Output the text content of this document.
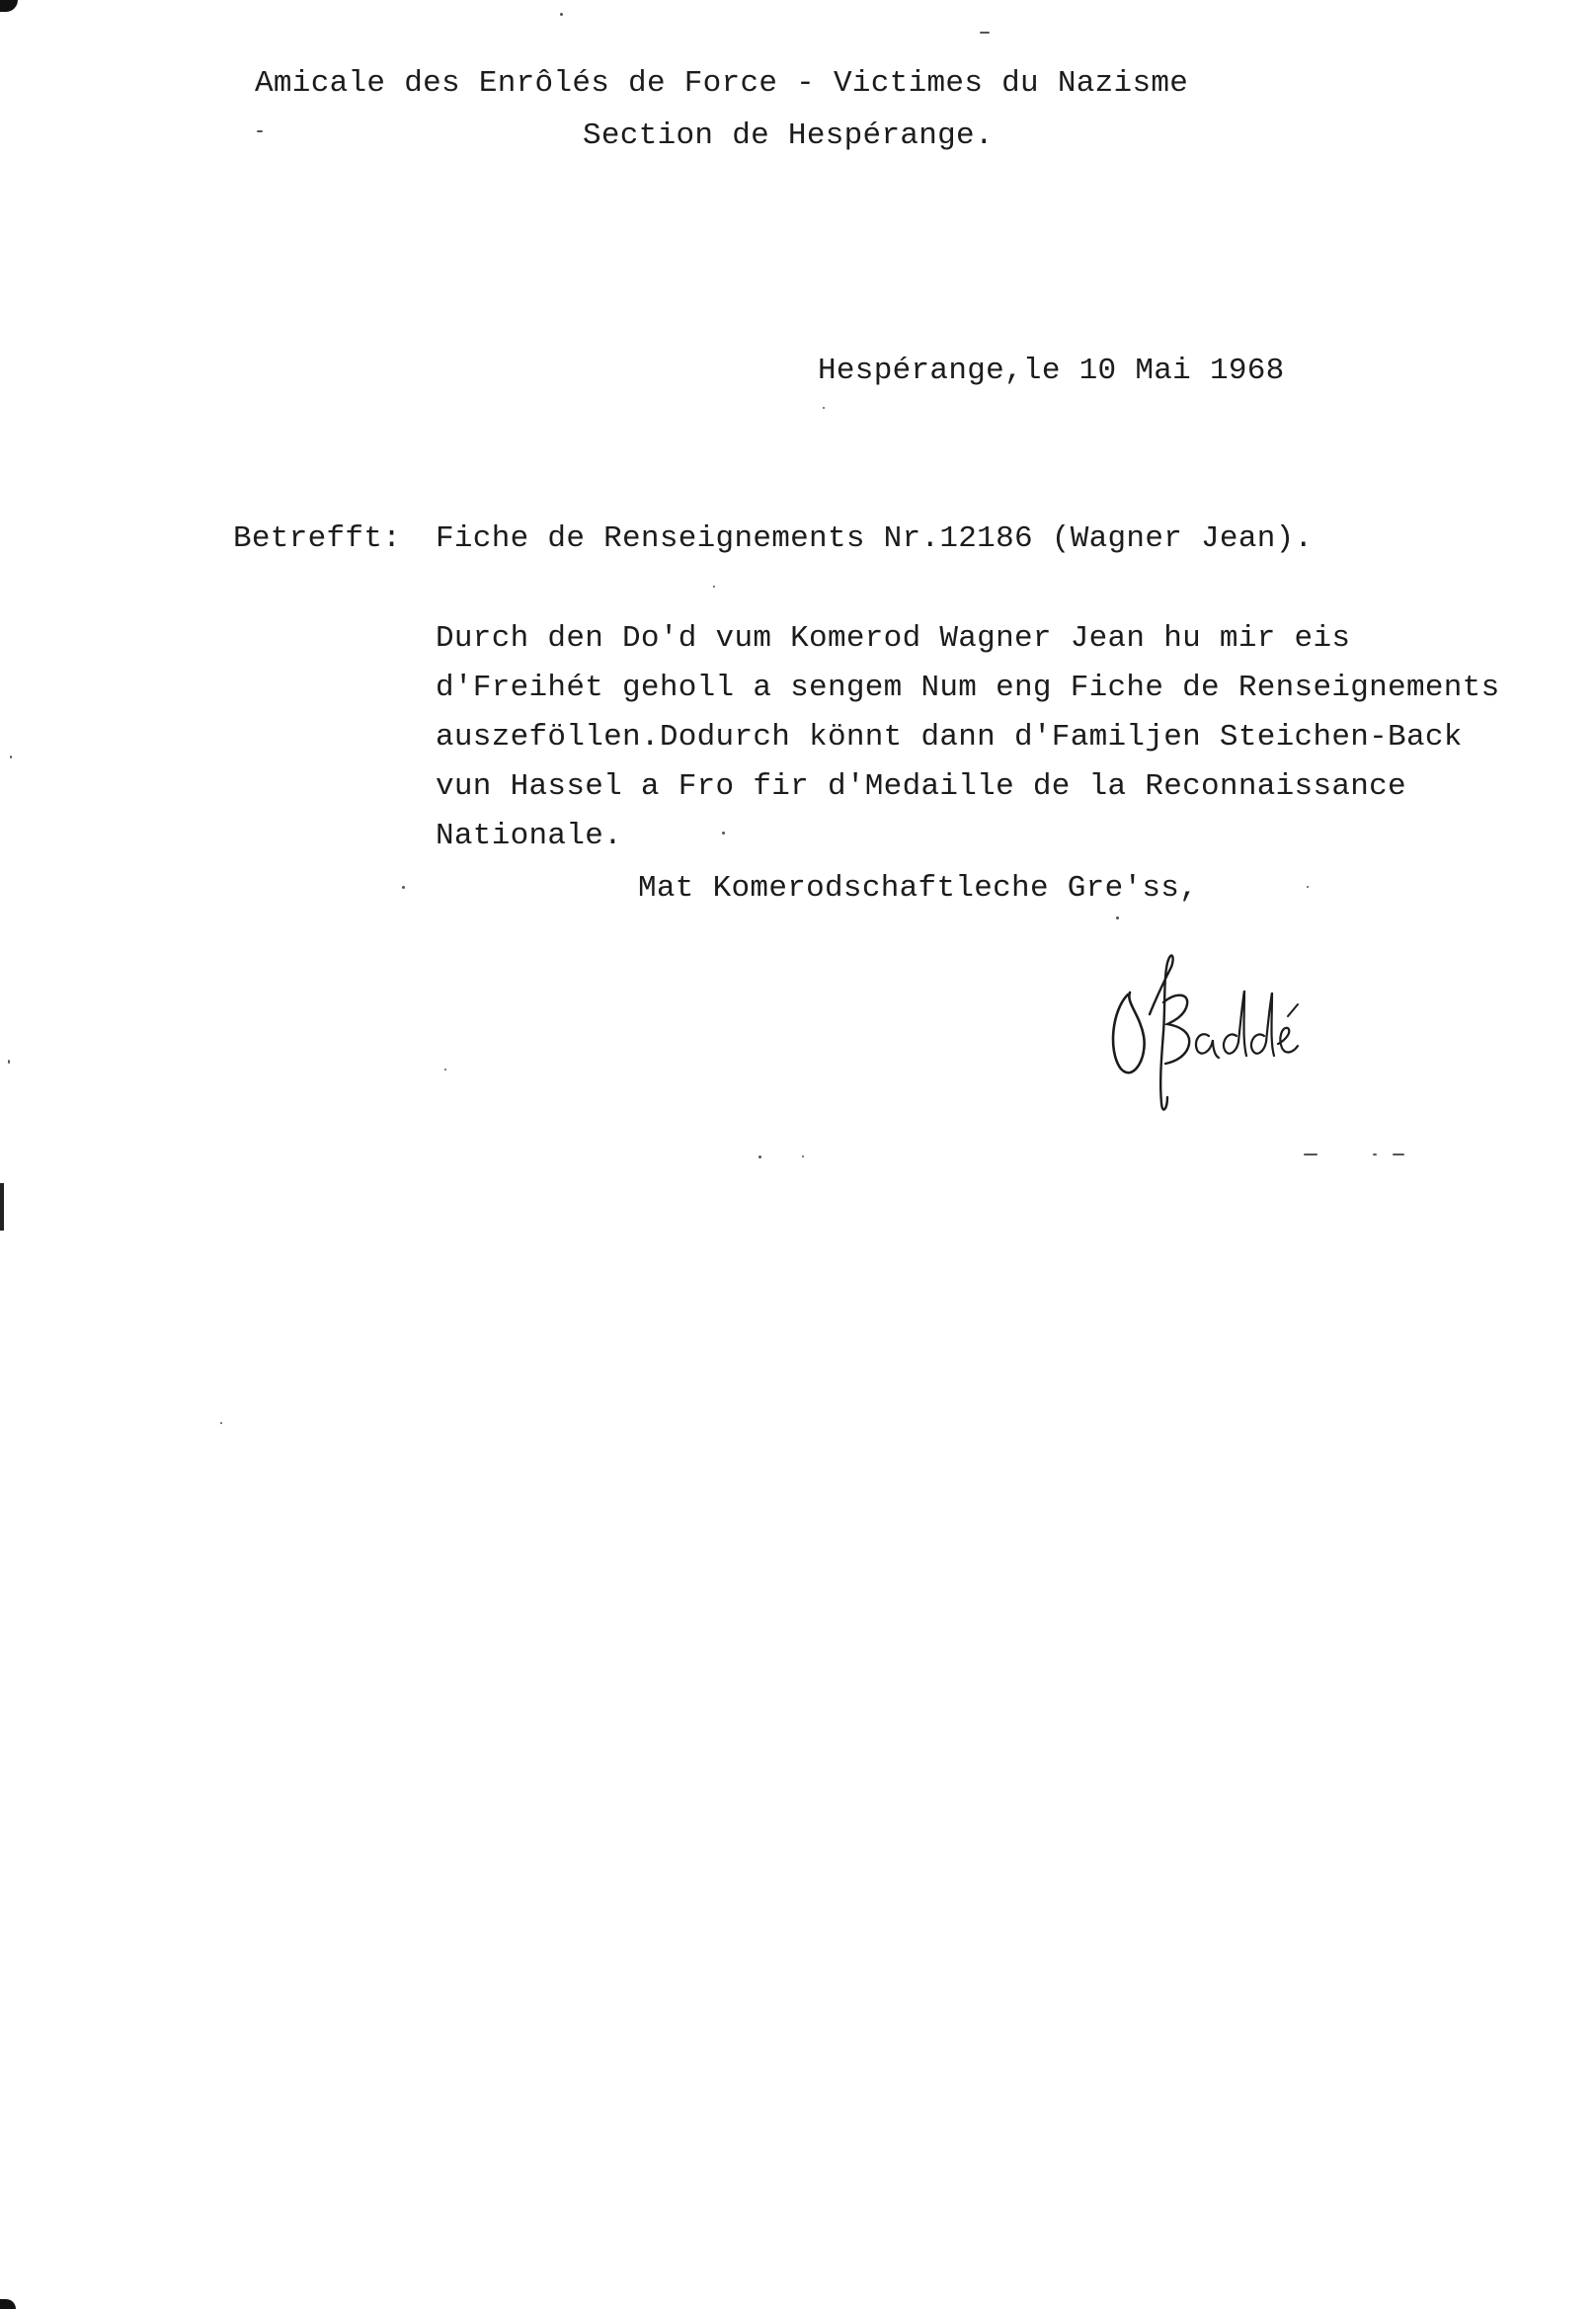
Amicale des Enrôlés de Force - Victimes du Nazisme
Section de Hespérange.
Hespérange,le 10 Mai 1968
Betrefft: Fiche de Renseignements Nr.12186 (Wagner Jean).
Durch den Do'd vum Komerod Wagner Jean hu mir eis
d'Freihét geholl a sengem Num eng Fiche de Renseignements
auszeföllen.Dodurch könnt dann d'Familjen Steichen-Back
vun Hassel a Fro fir d'Medaille de la Reconnaissance
Nationale.
Mat Komerodschaftleche Gre'ss,
